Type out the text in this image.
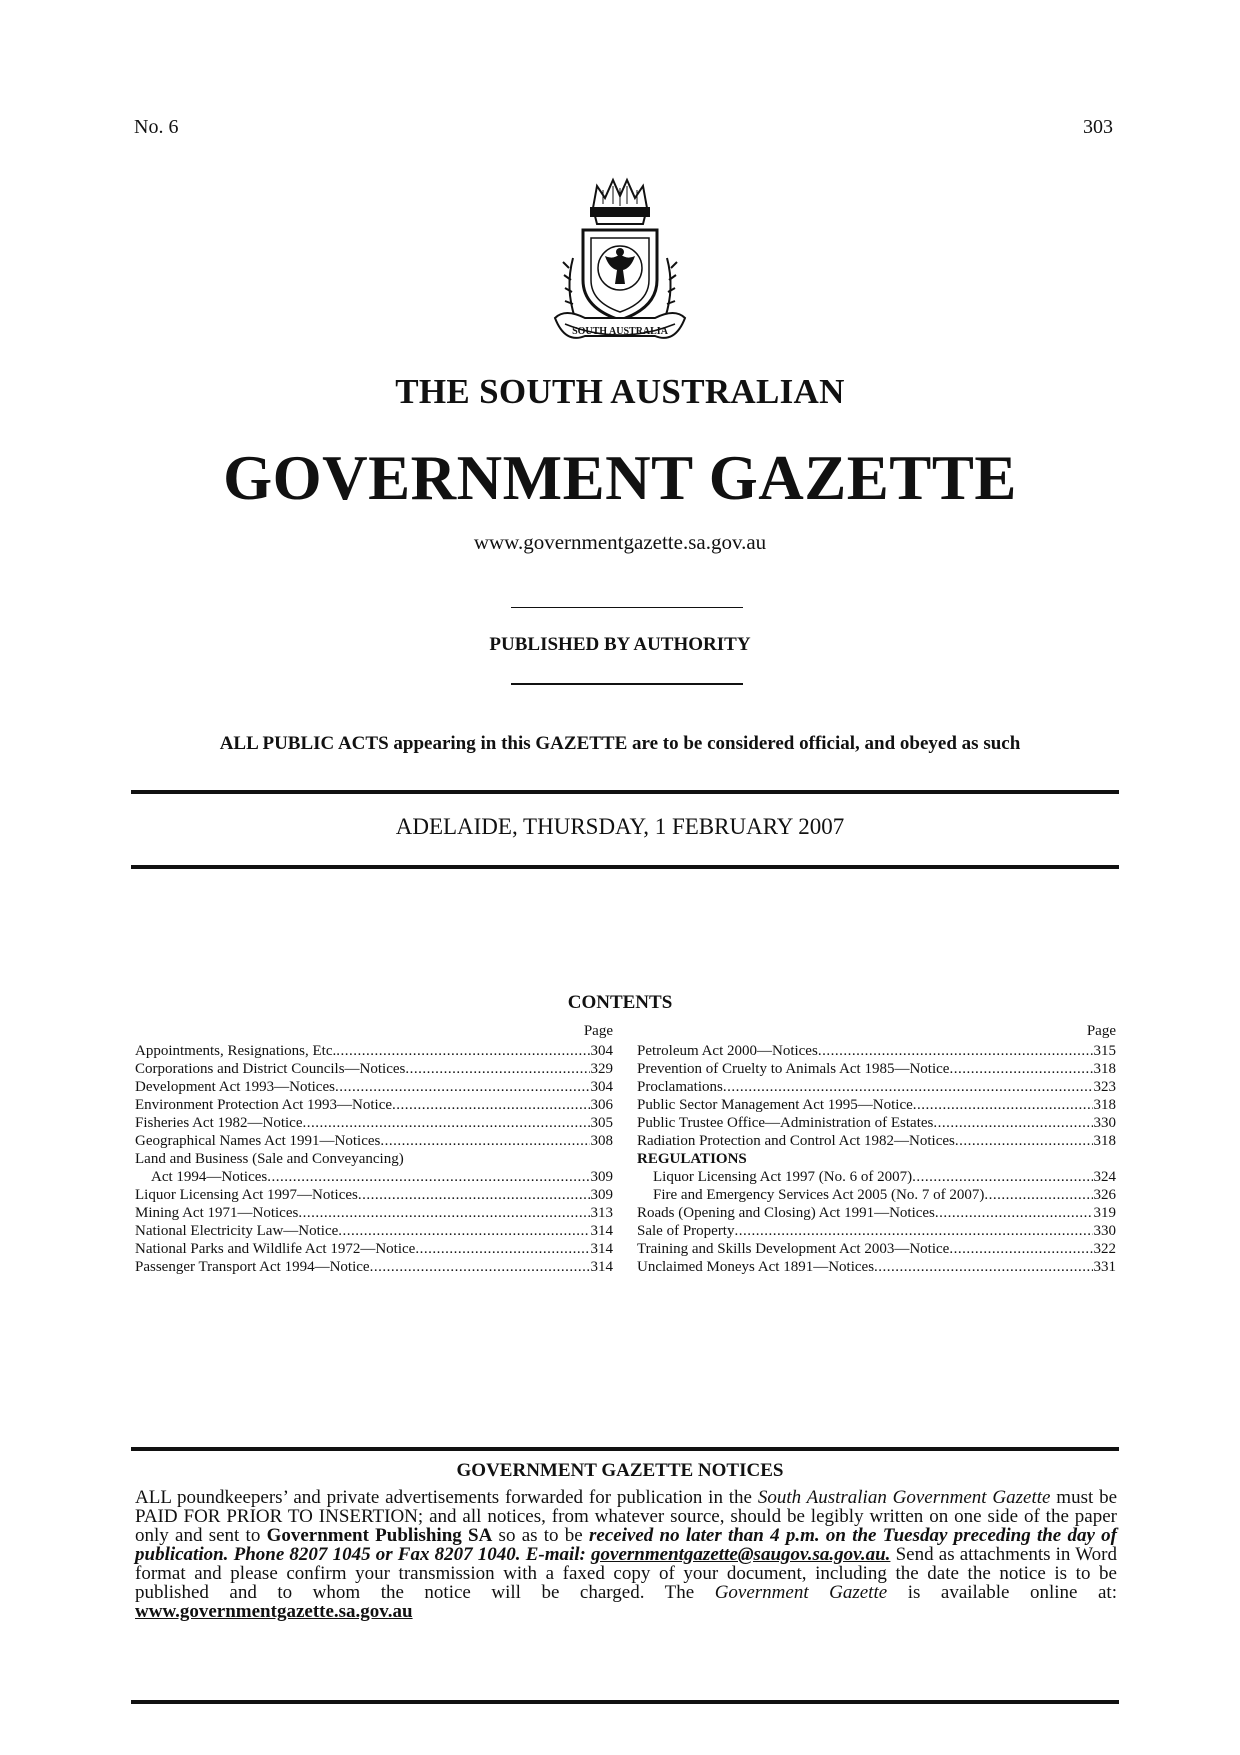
No. 6	303
SOUTH AUSTRALIA
THE SOUTH AUSTRALIAN
GOVERNMENT GAZETTE
www.governmentgazette.sa.gov.au
PUBLISHED BY AUTHORITY
ALL PUBLIC ACTS appearing in this GAZETTE are to be considered official, and obeyed as such
ADELAIDE, THURSDAY, 1 FEBRUARY 2007
CONTENTS
Page
Appointments, Resignations, Etc. .....	304
Corporations and District Councils—Notices .....	329
Development Act 1993—Notices .....	304
Environment Protection Act 1993—Notice .....	306
Fisheries Act 1982—Notice .....	305
Geographical Names Act 1991—Notices .....	308
Land and Business (Sale and Conveyancing)
Act 1994—Notices .....	309
Liquor Licensing Act 1997—Notices .....	309
Mining Act 1971—Notices .....	313
National Electricity Law—Notice .....	314
National Parks and Wildlife Act 1972—Notice .....	314
Passenger Transport Act 1994—Notice .....	314
Page
Petroleum Act 2000—Notices .....	315
Prevention of Cruelty to Animals Act 1985—Notice .....	318
Proclamations .....	323
Public Sector Management Act 1995—Notice .....	318
Public Trustee Office—Administration of Estates .....	330
Radiation Protection and Control Act 1982—Notices .....	318
REGULATIONS
Liquor Licensing Act 1997 (No. 6 of 2007) .....	324
Fire and Emergency Services Act 2005 (No. 7 of 2007) .....	326
Roads (Opening and Closing) Act 1991—Notices .....	319
Sale of Property .....	330
Training and Skills Development Act 2003—Notice .....	322
Unclaimed Moneys Act 1891—Notices .....	331
GOVERNMENT GAZETTE NOTICES
ALL poundkeepers’ and private advertisements forwarded for publication in the South Australian Government Gazette must be PAID FOR PRIOR TO INSERTION; and all notices, from whatever source, should be legibly written on one side of the paper only and sent to Government Publishing SA so as to be received no later than 4 p.m. on the Tuesday preceding the day of publication. Phone 8207 1045 or Fax 8207 1040. E-mail: governmentgazette@saugov.sa.gov.au. Send as attachments in Word format and please confirm your transmission with a faxed copy of your document, including the date the notice is to be published and to whom the notice will be charged. The Government Gazette is available online at: www.governmentgazette.sa.gov.au
